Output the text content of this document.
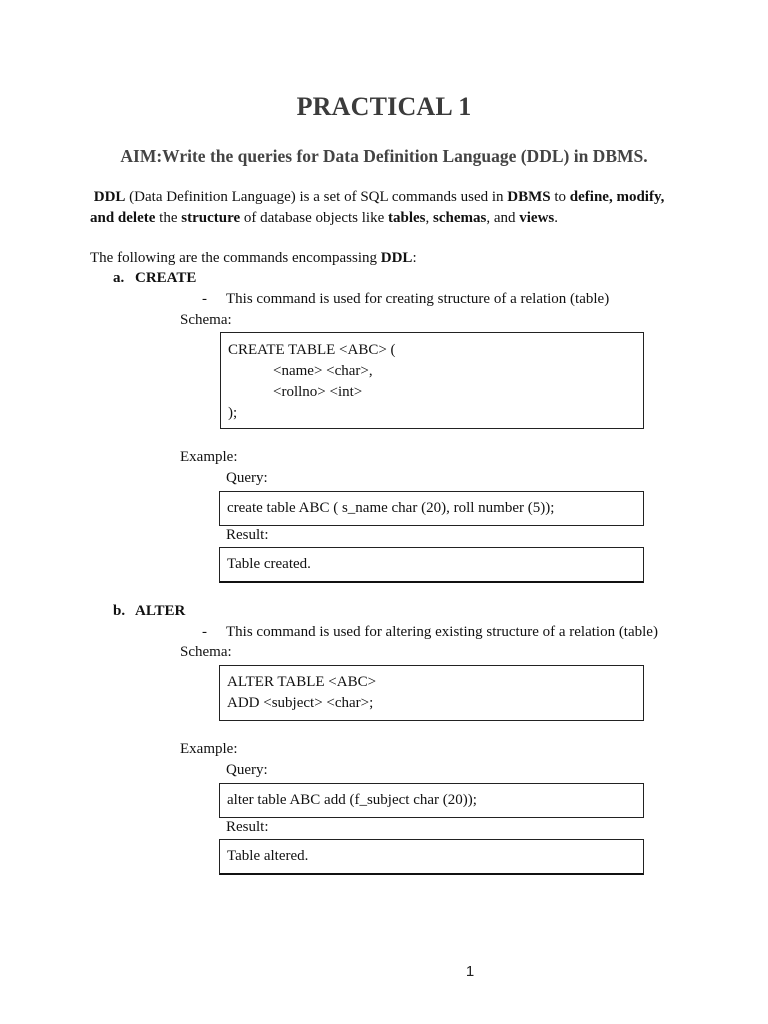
PRACTICAL 1
AIM:Write the queries for Data Definition Language (DDL) in DBMS.
DDL (Data Definition Language) is a set of SQL commands used in DBMS to define, modify,
and delete the structure of database objects like tables, schemas, and views.
The following are the commands encompassing DDL:
a. CREATE
- This command is used for creating structure of a relation (table)
Schema:
CREATE TABLE <ABC> (
<name> <char>,
<rollno> <int>
);
Example:
Query:
create table ABC ( s_name char (20), roll number (5));
Result:
Table created.
b. ALTER
- This command is used for altering existing structure of a relation (table)
Schema:
ALTER TABLE <ABC>
ADD <subject> <char>;
Example:
Query:
alter table ABC add (f_subject char (20));
Result:
Table altered.
1
